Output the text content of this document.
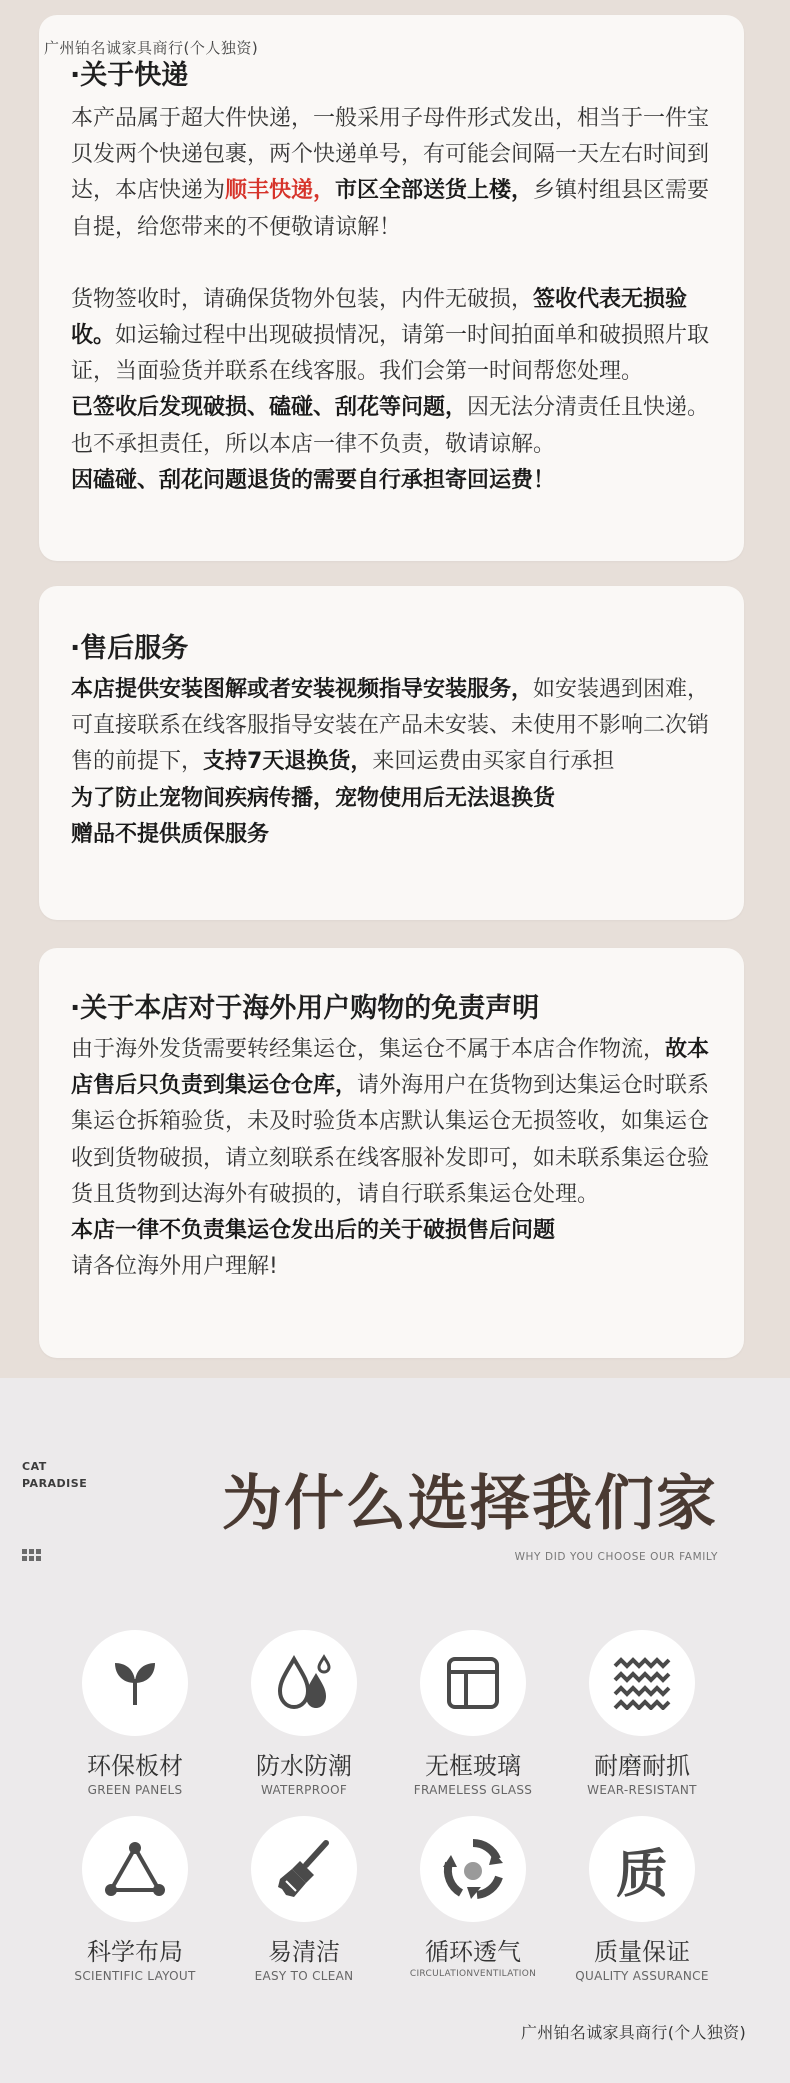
广州铂名诚家具商行(个人独资)
·关于快递

本产品属于超大件快递，一般采用子母件形式发出，相当于一件宝贝发两个快递包裹，两个快递单号，有可能会间隔一天左右时间到达，本店快递为顺丰快递，市区全部送货上楼，乡镇村组县区需要自提，给您带来的不便敬请谅解！

货物签收时，请确保货物外包装，内件无破损，签收代表无损验收。如运输过程中出现破损情况，请第一时间拍面单和破损照片取证，当面验货并联系在线客服。我们会第一时间帮您处理。

已签收后发现破损、磕碰、刮花等问题，因无法分清责任且快递。也不承担责任，所以本店一律不负责，敬请谅解。

因磕碰、刮花问题退货的需要自行承担寄回运费！

·售后服务

本店提供安装图解或者安装视频指导安装服务，如安装遇到困难，可直接联系在线客服指导安装在产品未安装、未使用不影响二次销售的前提下，支持7天退换货，来回运费由买家自行承担

为了防止宠物间疾病传播，宠物使用后无法退换货

赠品不提供质保服务

·关于本店对于海外用户购物的免责声明

由于海外发货需要转经集运仓，集运仓不属于本店合作物流，故本店售后只负责到集运仓仓库，请外海用户在货物到达集运仓时联系集运仓拆箱验货，未及时验货本店默认集运仓无损签收，如集运仓收到货物破损，请立刻联系在线客服补发即可，如未联系集运仓验货且货物到达海外有破损的，请自行联系集运仓处理。

本店一律不负责集运仓发出后的关于破损售后问题

请各位海外用户理解!

CAT
PARADISE 为什么选择我们家
WHY DID YOU CHOOSE OUR FAMILY
环保板材
GREEN PANELS
防水防潮
WATERPROOF
无框玻璃
FRAMELESS GLASS
耐磨耐抓
WEAR-RESISTANT
科学布局
SCIENTIFIC LAYOUT
易清洁
EASY TO CLEAN
循环透气
CIRCULATIONVENTILATION
质
质量保证
QUALITY ASSURANCE
广州铂名诚家具商行(个人独资)
